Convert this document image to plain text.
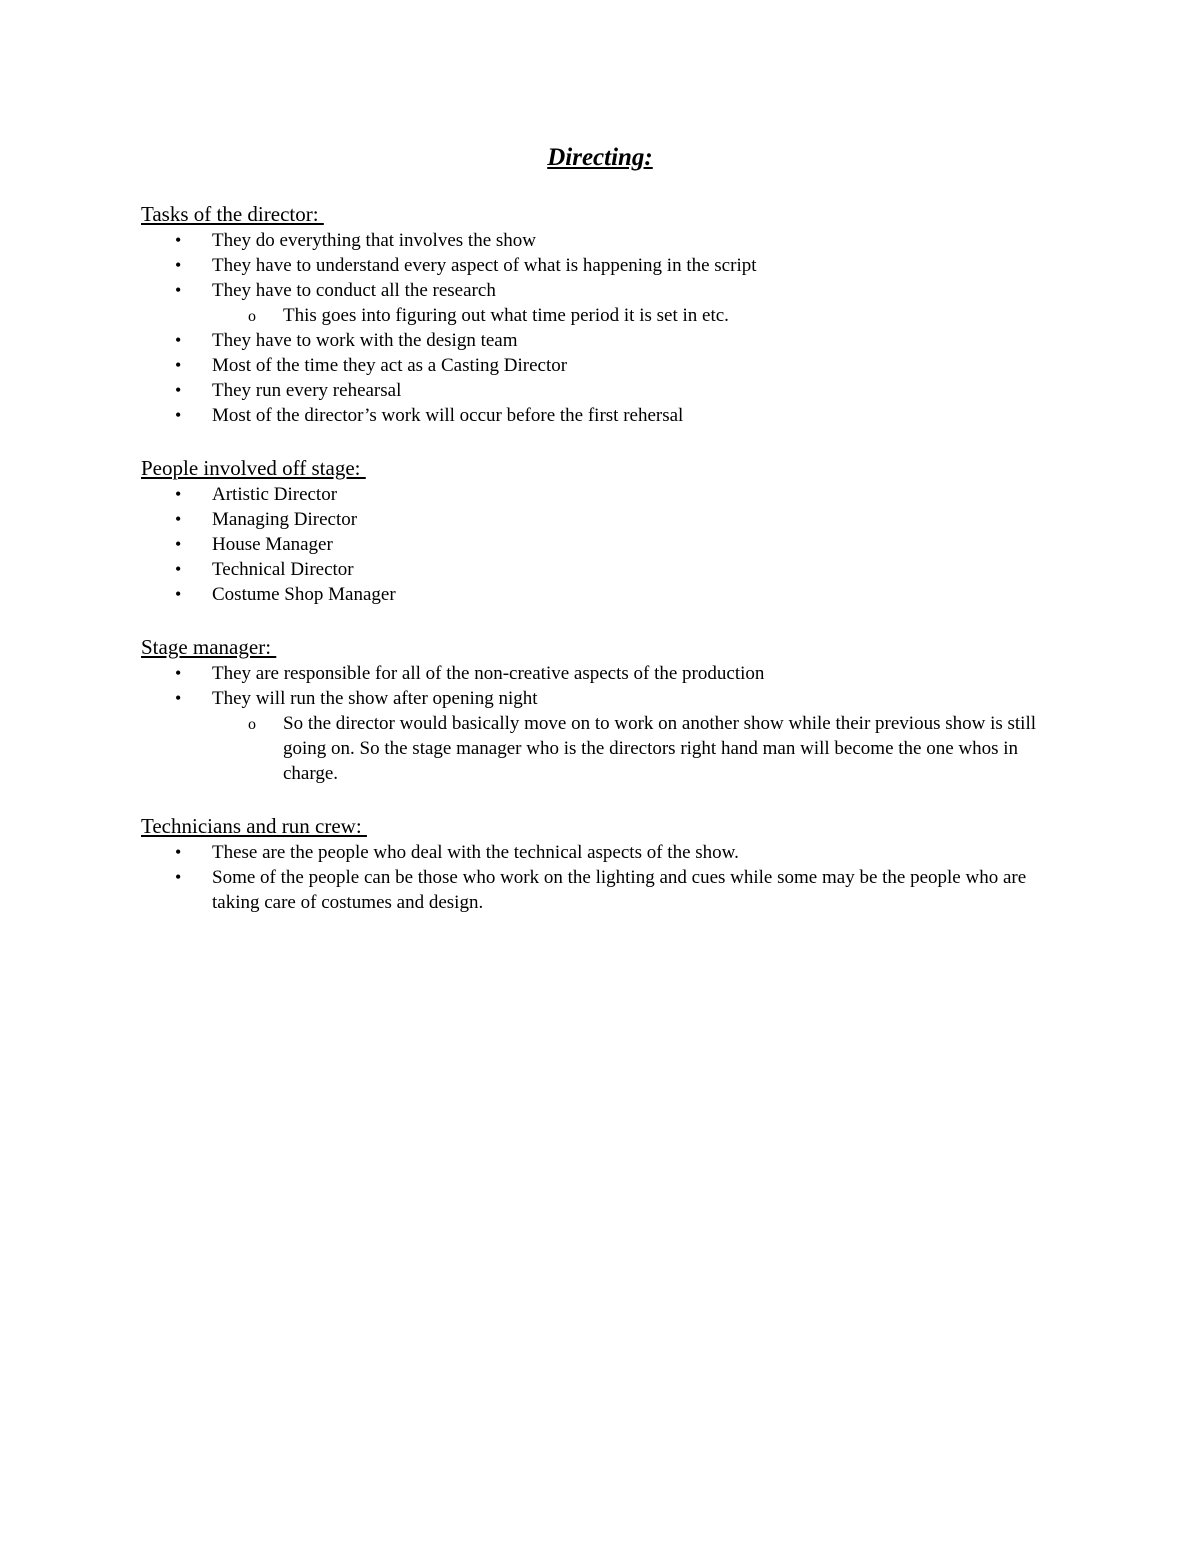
Directing:
Tasks of the director:
• They do everything that involves the show
• They have to understand every aspect of what is happening in the script
• They have to conduct all the research
o This goes into figuring out what time period it is set in etc.
• They have to work with the design team
• Most of the time they act as a Casting Director
• They run every rehearsal
• Most of the director’s work will occur before the first rehersal
People involved off stage:
• Artistic Director
• Managing Director
• House Manager
• Technical Director
• Costume Shop Manager
Stage manager:
• They are responsible for all of the non-creative aspects of the production
• They will run the show after opening night
o So the director would basically move on to work on another show while their previous show is still going on. So the stage manager who is the directors right hand man will become the one whos in charge.
Technicians and run crew:
• These are the people who deal with the technical aspects of the show.
• Some of the people can be those who work on the lighting and cues while some may be the people who are taking care of costumes and design.
